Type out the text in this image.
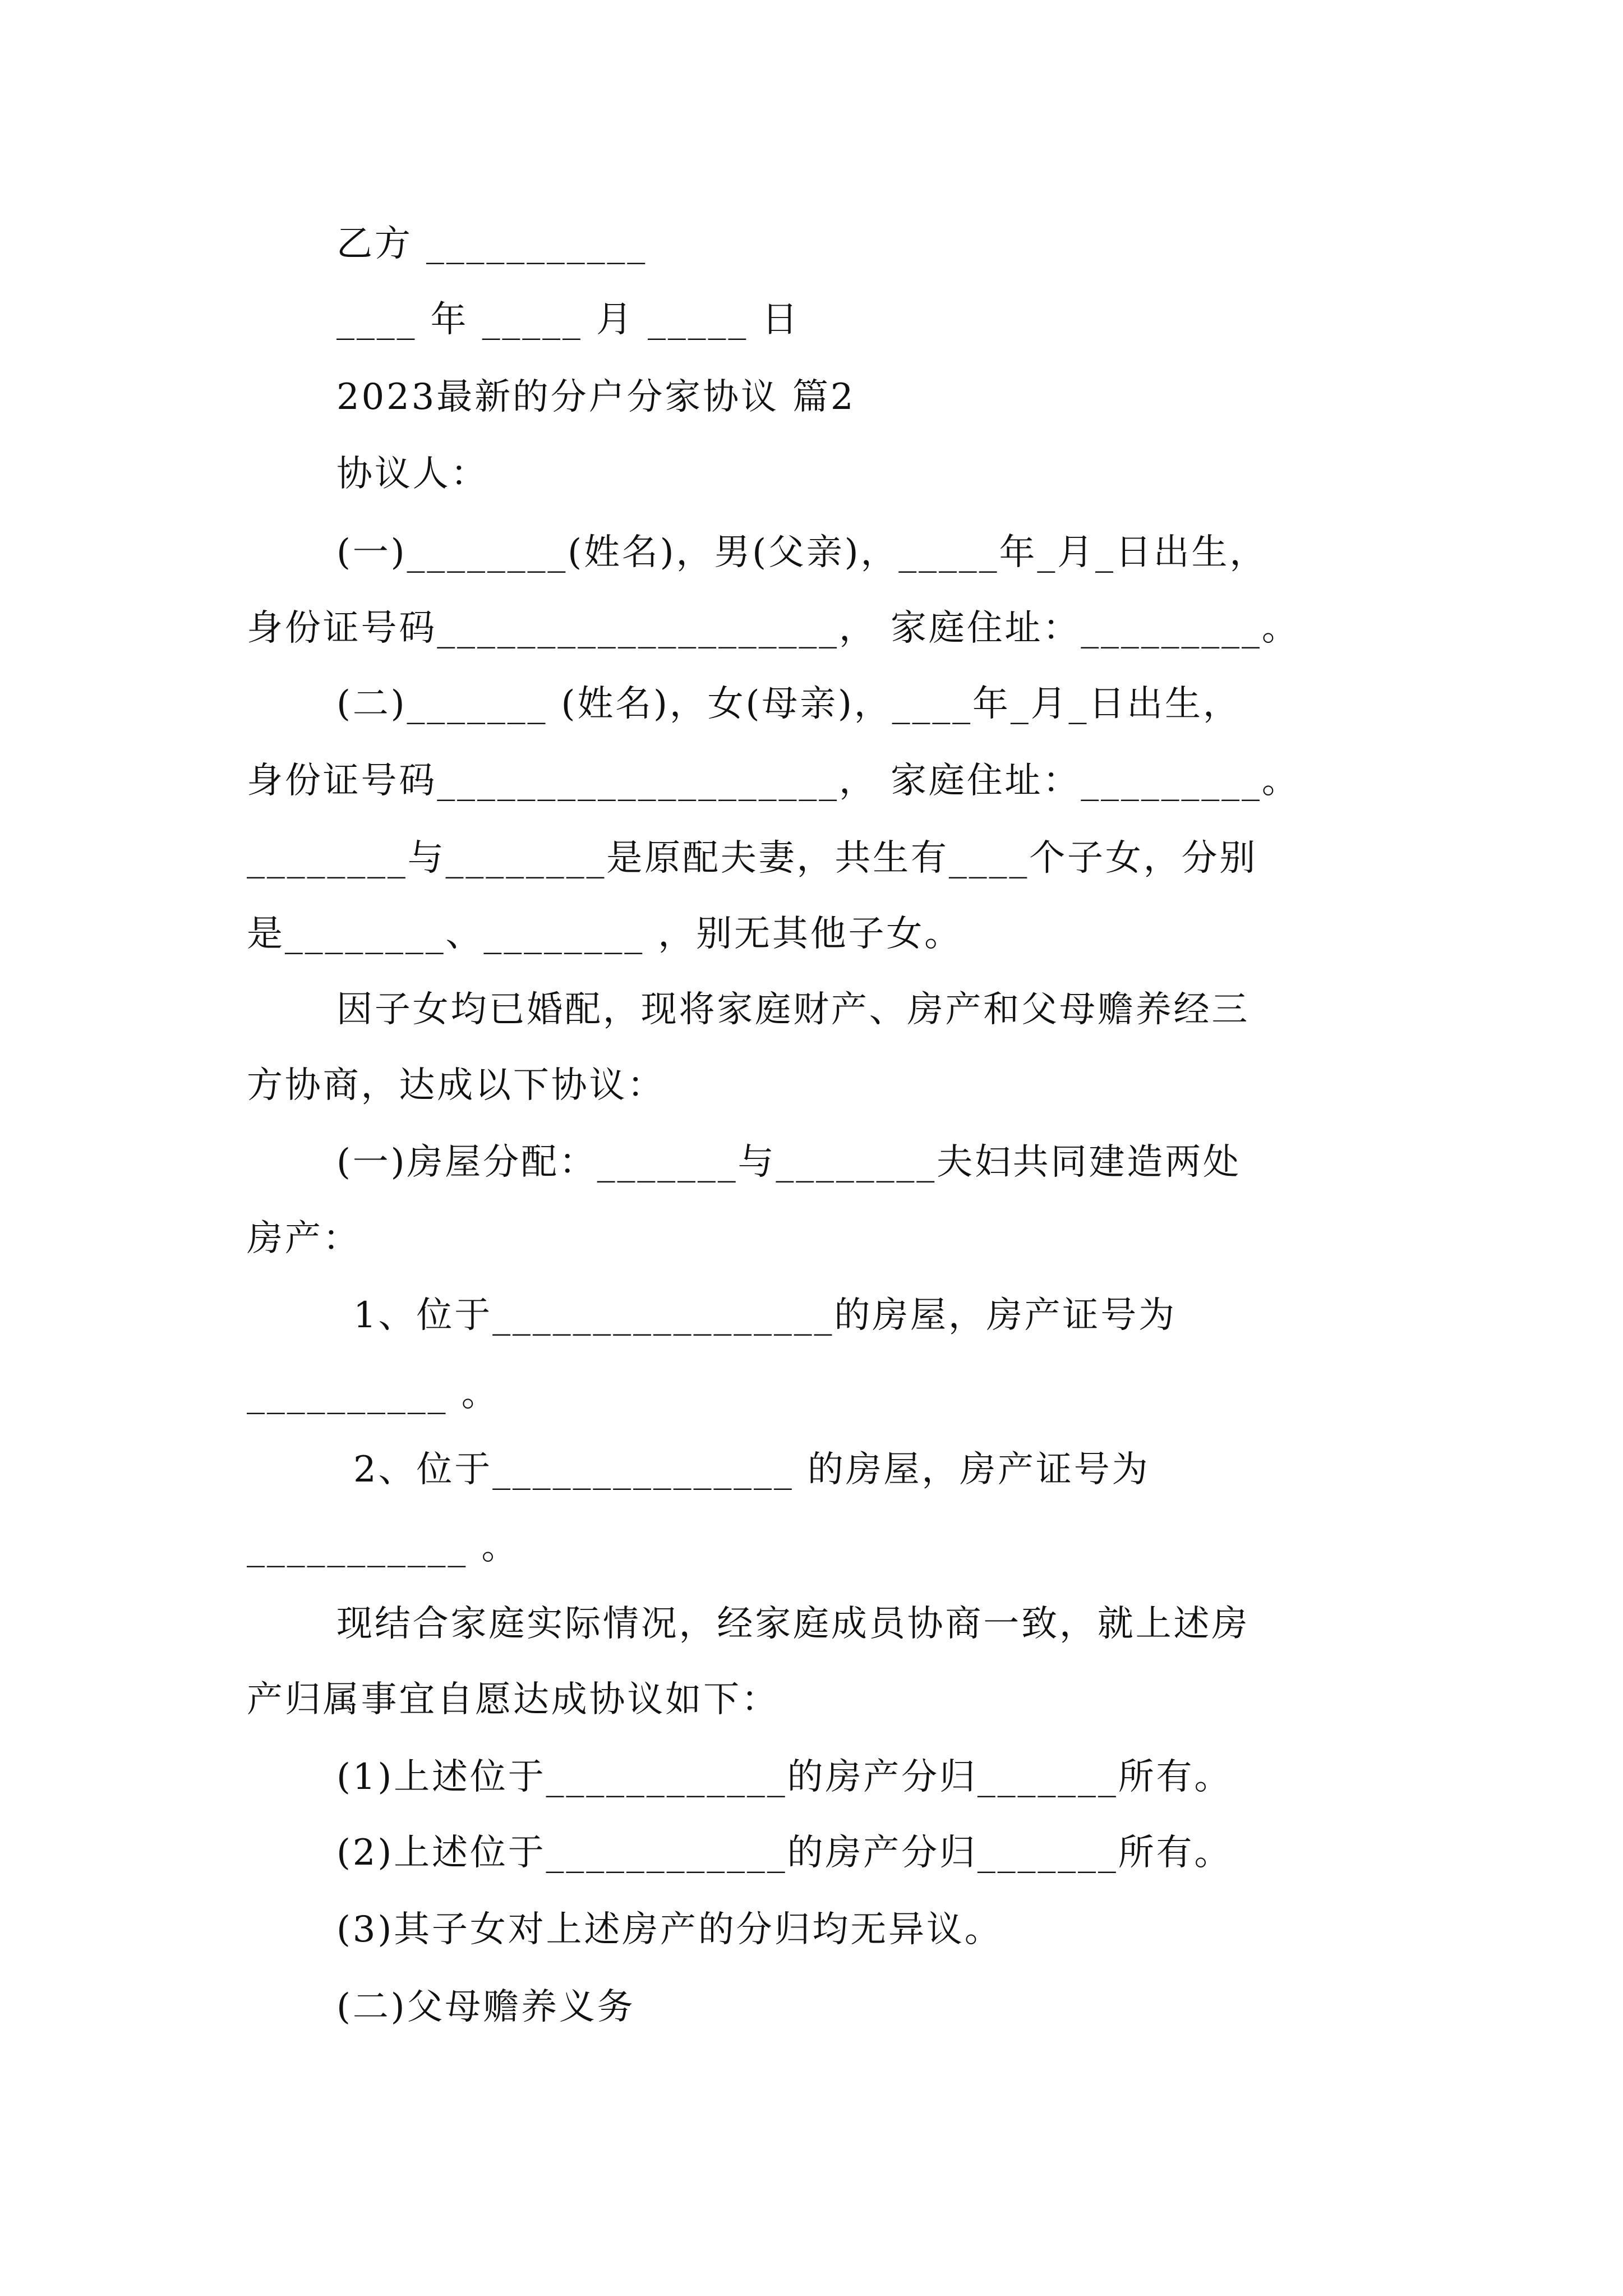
乙方 ___________
____ 年 _____ 月 _____ 日
2023最新的分户分家协议 篇2
协议人：
(一)________(姓名)，男(父亲)，_____年_月_日出生，
身份证号码____________________， 家庭住址：_________。
(二)_______ (姓名)，女(母亲)，____年_月_日出生，
身份证号码____________________， 家庭住址：_________。
________与________是原配夫妻，共生有____个子女，分别
是________、________ ，别无其他子女。
因子女均已婚配，现将家庭财产、房产和父母赡养经三
方协商，达成以下协议：
(一)房屋分配：_______与________夫妇共同建造两处
房产：
1、位于_________________的房屋，房产证号为
__________ 。
2、位于_______________ 的房屋，房产证号为
___________ 。
现结合家庭实际情况，经家庭成员协商一致，就上述房
产归属事宜自愿达成协议如下：
(1)上述位于____________的房产分归_______所有。
(2)上述位于____________的房产分归_______所有。
(3)其子女对上述房产的分归均无异议。
(二)父母赡养义务
